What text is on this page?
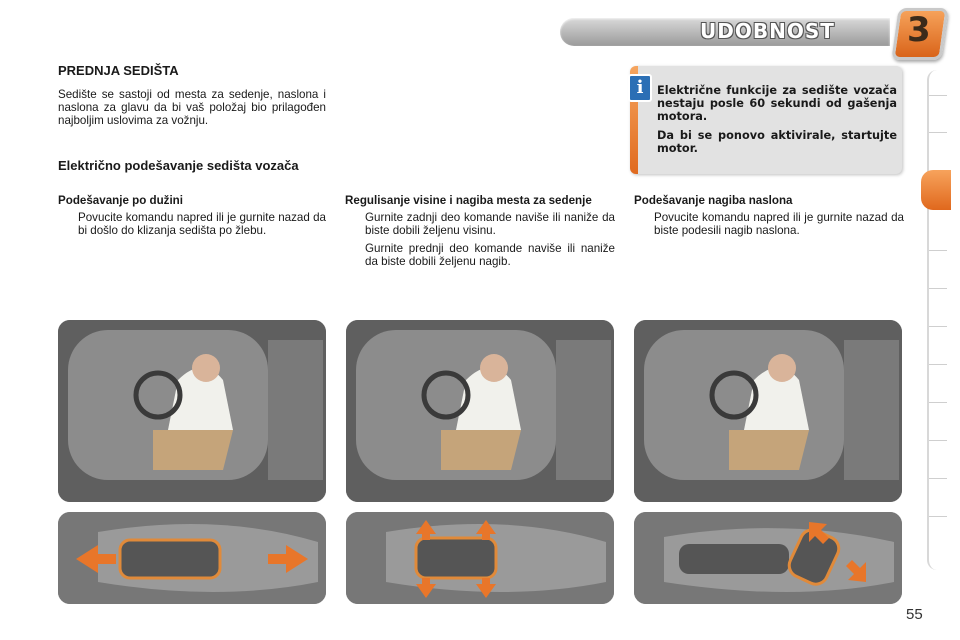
UDOBNOST 3
PREDNJA SEDIŠTA

Sedište se sastoji od mesta za sedenje, naslona i naslona za glavu da bi vaš položaj bio prilagođen najboljim uslovima za vožnju.

Električno podešavanje sedišta vozača
Podešavanje po dužini
Povucite komandu napred ili je gurnite nazad da bi došlo do klizanja sedišta po žlebu.
Regulisanje visine i nagiba mesta za sedenje
Gurnite zadnji deo komande naviše ili naniže da biste dobili željenu visinu.
Gurnite prednji deo komande naviše ili naniže da biste dobili željenu nagib.
Podešavanje nagiba naslona
Povucite komandu napred ili je gurnite nazad da biste podesili nagib naslona.
i	Električne funkcije za sedište vozača nestaju posle 60 sekundi od gašenja motora.

Da bi se ponovo aktivirale, startujte motor.

55
